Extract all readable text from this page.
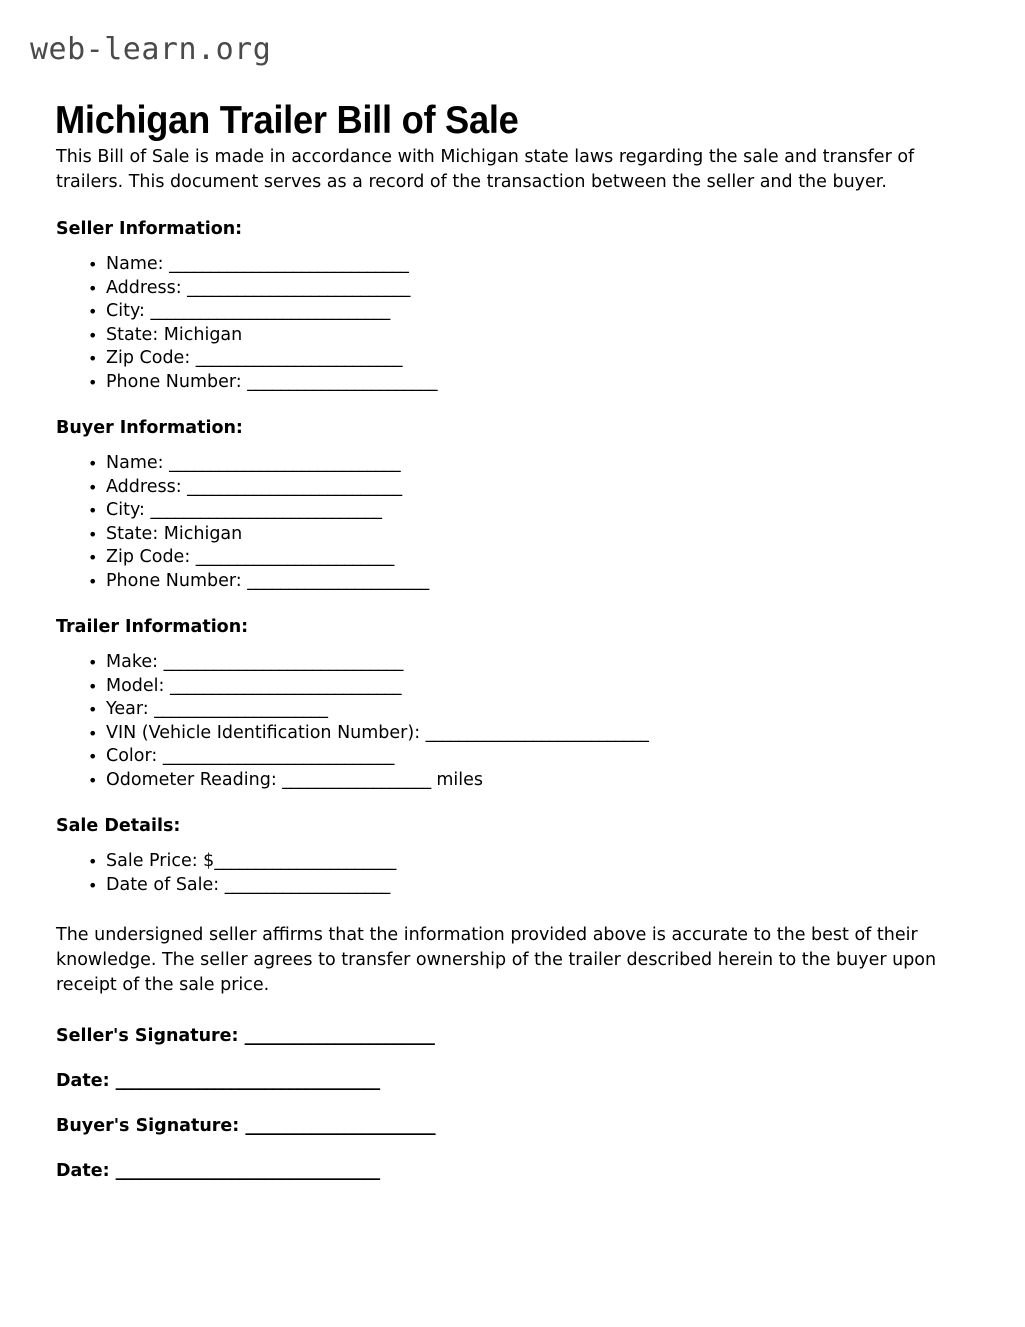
web-learn.org
Michigan Trailer Bill of Sale

This Bill of Sale is made in accordance with Michigan state laws regarding the sale and transfer of trailers. This document serves as a record of the transaction between the seller and the buyer.

Seller Information:
• Name: _____________________________
• Address: ___________________________
• City: _____________________________
• State: Michigan
• Zip Code: _________________________
• Phone Number: _______________________
Buyer Information:
• Name: ____________________________
• Address: __________________________
• City: ____________________________
• State: Michigan
• Zip Code: ________________________
• Phone Number: ______________________
Trailer Information:
• Make: _____________________________
• Model: ____________________________
• Year: _____________________
• VIN (Vehicle Identification Number): ___________________________
• Color: ____________________________
• Odometer Reading: __________________ miles
Sale Details:
• Sale Price: $______________________
• Date of Sale: ____________________

The undersigned seller affirms that the information provided above is accurate to the best of their knowledge. The seller agrees to transfer ownership of the trailer described herein to the buyer upon receipt of the sale price.

Seller's Signature: _______________________
Date: ________________________________
Buyer's Signature: _______________________
Date: ________________________________
